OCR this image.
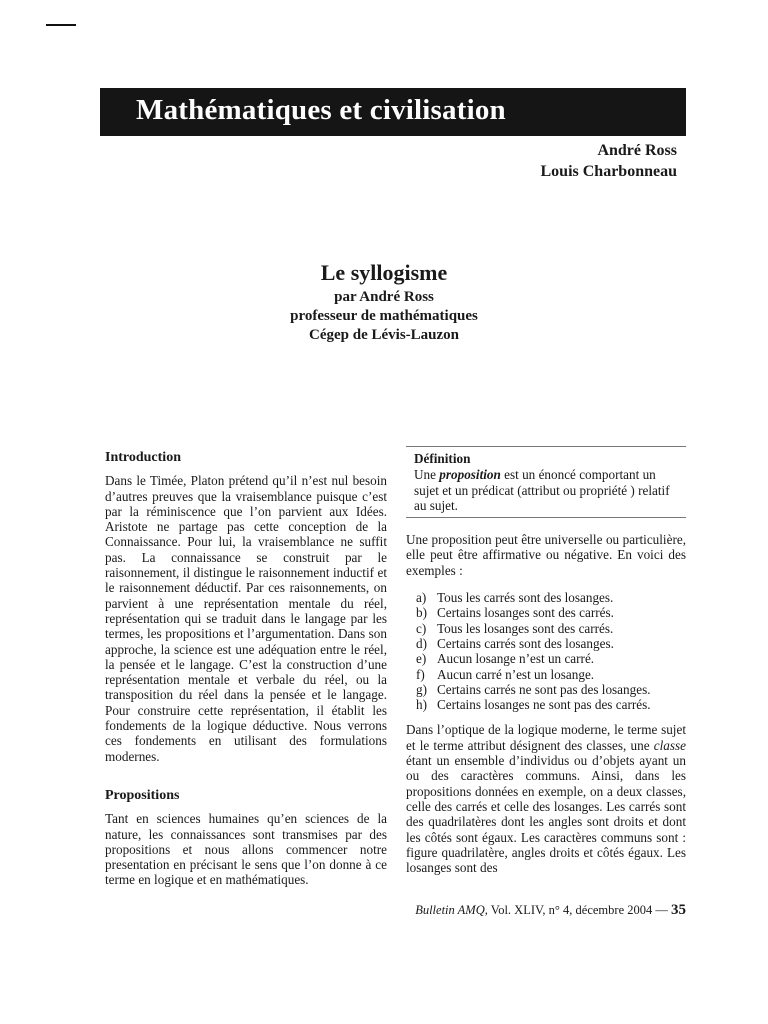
Mathématiques et civilisation
André Ross
Louis Charbonneau
Le syllogisme
par André Ross
professeur de mathématiques
Cégep de Lévis-Lauzon
Introduction

Dans le Timée, Platon prétend qu’il n’est nul besoin d’autres preuves que la vraisemblance puisque c’est par la réminiscence que l’on parvient aux Idées. Aristote ne partage pas cette conception de la Connaissance. Pour lui, la vraisemblance ne suffit pas. La connaissance se construit par le raisonnement, il distingue le raisonnement inductif et le raisonnement déductif. Par ces raisonnements, on parvient à une représentation mentale du réel, représentation qui se traduit dans le langage par les termes, les propositions et l’argumentation. Dans son approche, la science est une adéquation entre le réel, la pensée et le langage. C’est la construction d’une représentation mentale et verbale du réel, ou la transposition du réel dans la pensée et le langage. Pour construire cette représentation, il établit les fondements de la logique déductive. Nous verrons ces fondements en utilisant des formulations modernes.

Propositions

Tant en sciences humaines qu’en sciences de la nature, les connaissances sont transmises par des propositions et nous allons commencer notre presentation en précisant le sens que l’on donne à ce terme en logique et en mathématiques.

Définition

Une proposition est un énoncé comportant un sujet et un prédicat (attribut ou propriété ) relatif au sujet.

Une proposition peut être universelle ou particulière, elle peut être affirmative ou négative. En voici des exemples :

a) Tous les carrés sont des losanges.
b) Certains losanges sont des carrés.
c) Tous les losanges sont des carrés.
d) Certains carrés sont des losanges.
e) Aucun losange n’est un carré.
f) Aucun carré n’est un losange.
g) Certains carrés ne sont pas des losanges.
h) Certains losanges ne sont pas des carrés.

Dans l’optique de la logique moderne, le terme sujet et le terme attribut désignent des classes, une classe étant un ensemble d’individus ou d’objets ayant un ou des caractères communs. Ainsi, dans les propositions données en exemple, on a deux classes, celle des carrés et celle des losanges. Les carrés sont des quadrilatères dont les angles sont droits et dont les côtés sont égaux. Les caractères communs sont : figure quadrilatère, angles droits et côtés égaux. Les losanges sont des

Bulletin AMQ, Vol. XLIV, n° 4, décembre 2004 — 35
